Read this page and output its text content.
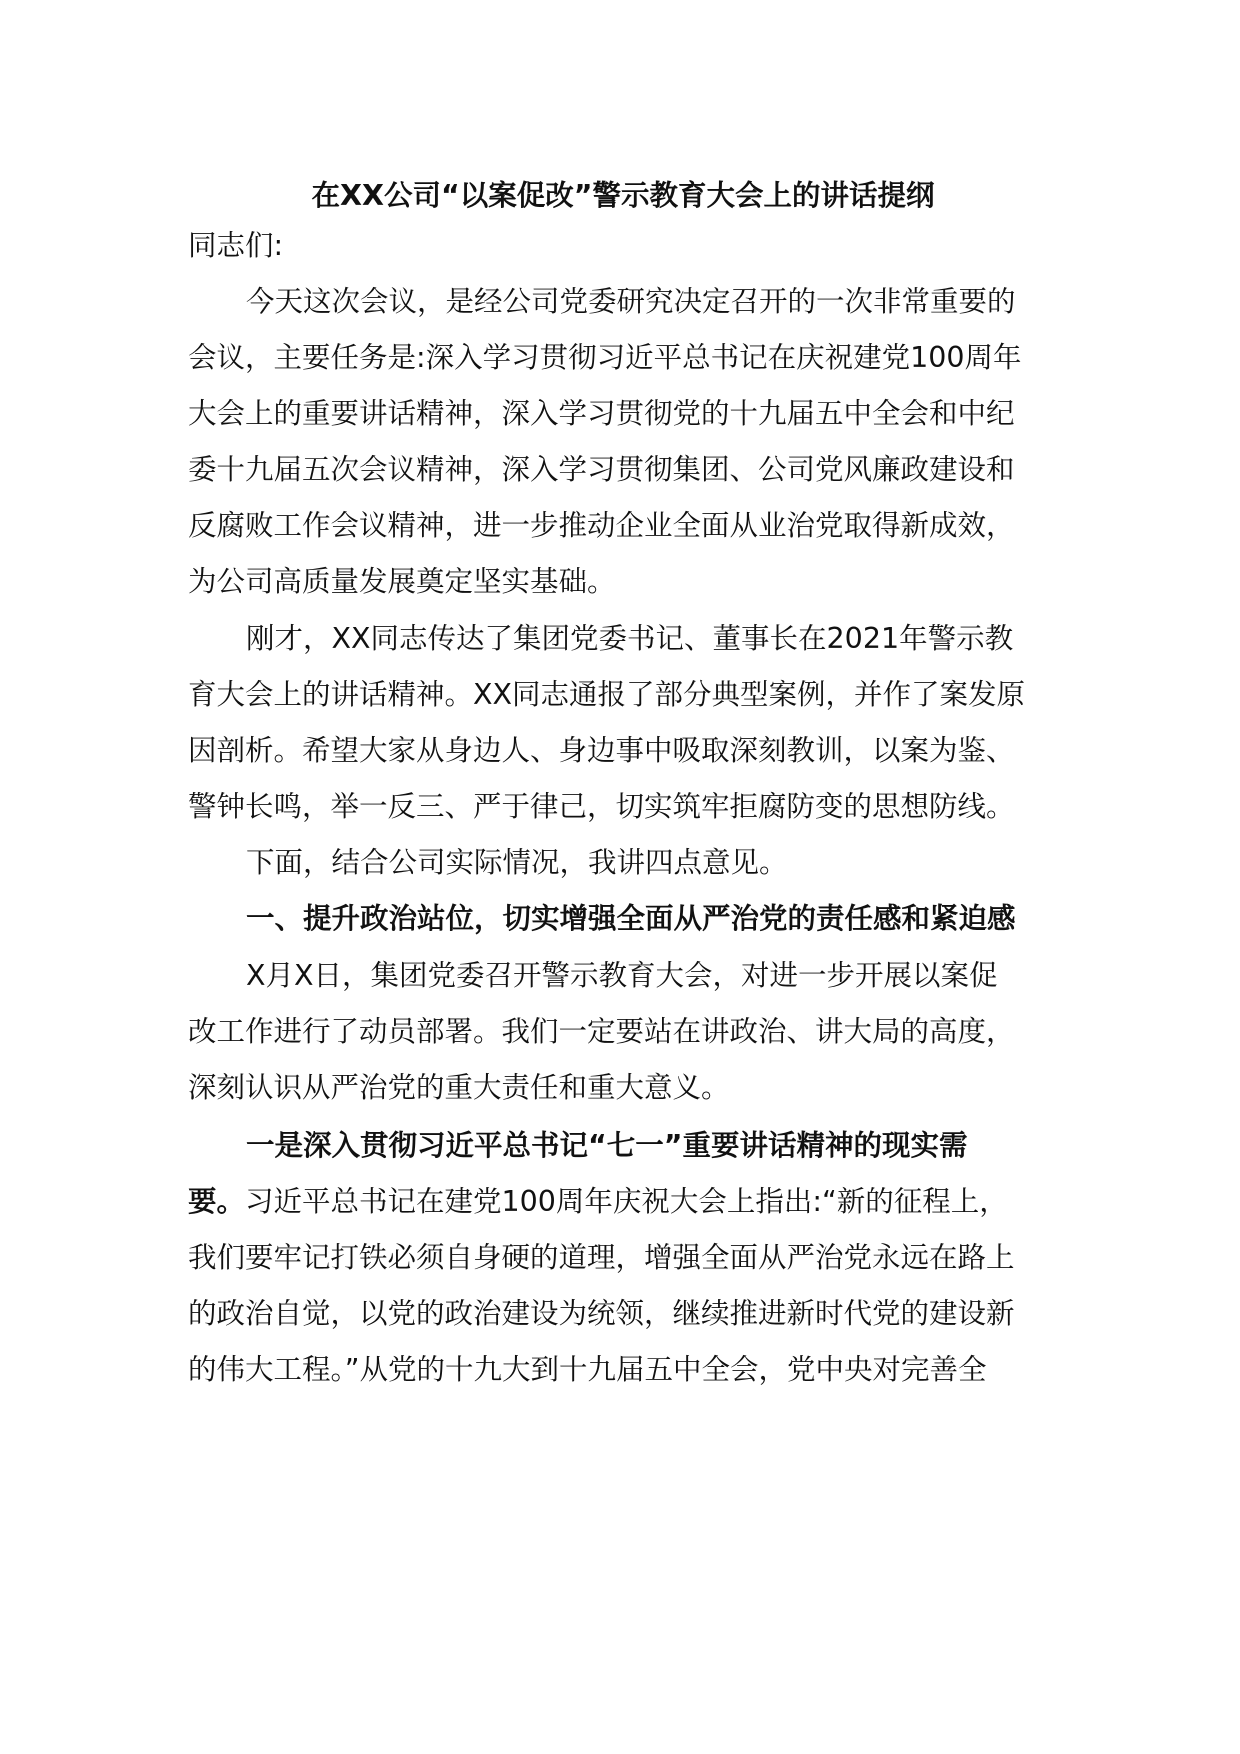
在XX公司“以案促改”警示教育大会上的讲话提纲
同志们:
今天这次会议，是经公司党委研究决定召开的一次非常重要的
会议，主要任务是:深入学习贯彻习近平总书记在庆祝建党100周年
大会上的重要讲话精神，深入学习贯彻党的十九届五中全会和中纪
委十九届五次会议精神，深入学习贯彻集团、公司党风廉政建设和
反腐败工作会议精神，进一步推动企业全面从业治党取得新成效，
为公司高质量发展奠定坚实基础。
刚才，XX同志传达了集团党委书记、董事长在2021年警示教
育大会上的讲话精神。XX同志通报了部分典型案例，并作了案发原
因剖析。希望大家从身边人、身边事中吸取深刻教训，以案为鉴、
警钟长鸣，举一反三、严于律己，切实筑牢拒腐防变的思想防线。
下面，结合公司实际情况，我讲四点意见。
一、提升政治站位，切实增强全面从严治党的责任感和紧迫感
X月X日，集团党委召开警示教育大会，对进一步开展以案促
改工作进行了动员部署。我们一定要站在讲政治、讲大局的高度，
深刻认识从严治党的重大责任和重大意义。
一是深入贯彻习近平总书记“七一”重要讲话精神的现实需
要。习近平总书记在建党100周年庆祝大会上指出:“新的征程上，
我们要牢记打铁必须自身硬的道理，增强全面从严治党永远在路上
的政治自觉，以党的政治建设为统领，继续推进新时代党的建设新
的伟大工程。”从党的十九大到十九届五中全会，党中央对完善全
